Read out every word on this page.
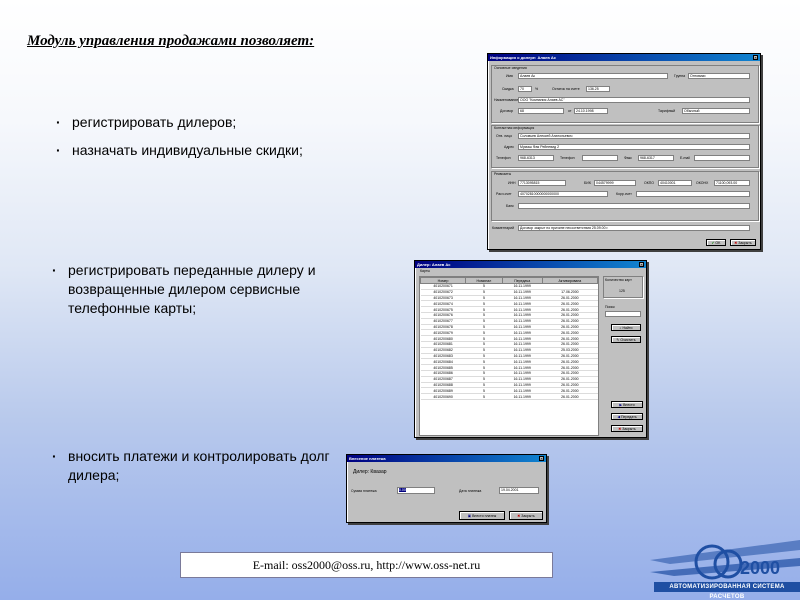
Модуль управления продажами позволяет:
· регистрировать дилеров;
· назначать индивидуальные скидки;
· регистрировать переданные дилеру и возвращенные дилером сервисные телефонные карты;
· вносить платежи и контролировать долг дилера;
Информация о дилере: Алаев Ас	×
Основные сведения
Имя	Алаев Ас	Группа	Оптовики
Скидка	70	%	Остаток на счете	136.25
Наименование ООО "Компания Алаев АС"
Договор	68	от	24.10.1998	Тарифный	Обычный
Контактная информация
Отв. лицо	Соловьев Алексей Анатольевич
Адрес	Мумаш Фая Рейневид 2
Телефон	968-6313	Телефон	Факс	968-6317	E-mail
Реквизиты
ИНН	7713095815	БИК	044579999	ОКПО	40410001	ОКОНХ	71100,093.00
Расч.счет	40702810000000000000	Корр.счет
Банк
Комментарий	Договор закрыт по причине несоответствия 25.09.00 г.
✔ OK	✖ Закрыть
Дилер: Алаев Ас	×
Карты
Номер	Номинал	Передача	Активирована
4010200671	5	16.11.1999	
4010200672	5	16.11.1999	17.06.2000
4010200673	5	16.11.1999	26.01.2000
4010200674	5	16.11.1999	26.01.2000
4010200675	5	16.11.1999	26.01.2000
4010200676	5	16.11.1999	26.01.2000
4010200677	5	16.11.1999	26.01.2000
4010200678	5	16.11.1999	26.01.2000
4010200679	5	16.11.1999	26.01.2000
4010200680	5	16.11.1999	26.01.2000
4010200681	5	16.11.1999	26.01.2000
4010200682	5	16.11.1999	25.03.2000
4010200683	5	16.11.1999	26.01.2000
4010200684	5	16.11.1999	26.01.2000
4010200685	5	16.11.1999	26.01.2000
4010200686	5	16.11.1999	26.01.2000
4010200687	5	16.11.1999	26.01.2000
4010200688	5	16.11.1999	26.01.2000
4010200689	5	16.11.1999	26.01.2000
4010200690	5	16.11.1999	26.01.2000
Количество карт
125
Поиск
⌕ Найти
✎ Очистить
▶ Внести
◀ Передать
✖ Закрыть
Внесение платежа	×
Дилер: Квазар
Сумма платежа	0.00	Дата платежа	19.04.2001
▣ Внести платеж	✖ Закрыть
E-mail: oss2000@oss.ru, http://www.oss-net.ru	2000
АВТОМАТИЗИРОВАННАЯ СИСТЕМА РАСЧЕТОВ
